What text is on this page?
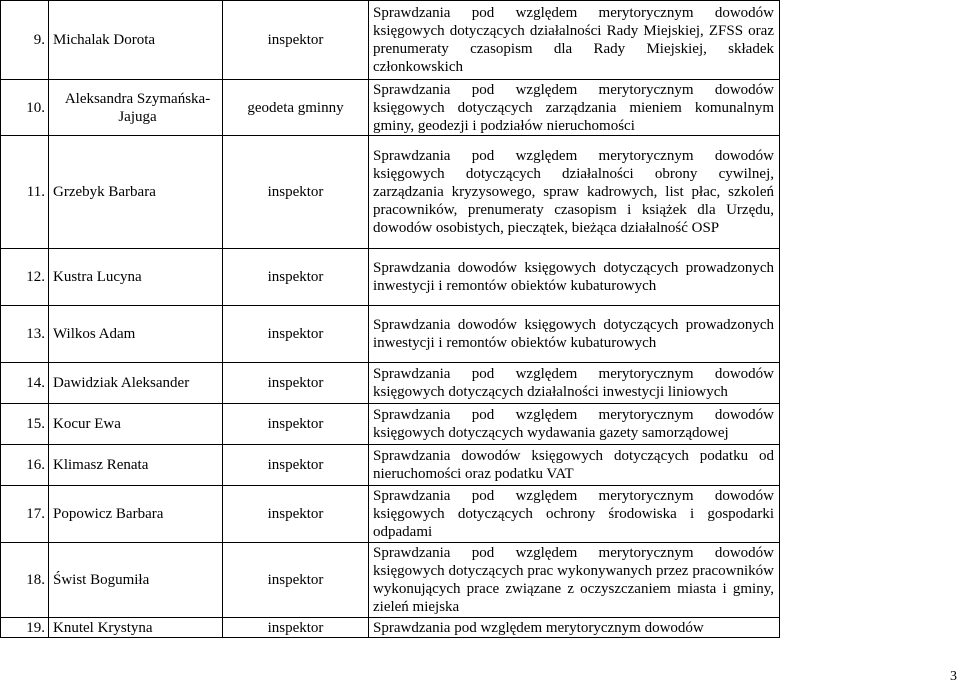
9.	Michalak Dorota	inspektor	Sprawdzania pod względem merytorycznym dowodów księgowych dotyczących działalności Rady Miejskiej, ZFSS oraz prenumeraty czasopism dla Rady Miejskiej, składek członkowskich
10.	Aleksandra Szymańska-Jajuga	geodeta gminny	Sprawdzania pod względem merytorycznym dowodów księgowych dotyczących zarządzania mieniem komunalnym gminy, geodezji i podziałów nieruchomości
11.	Grzebyk Barbara	inspektor	Sprawdzania pod względem merytorycznym dowodów księgowych dotyczących działalności obrony cywilnej, zarządzania kryzysowego, spraw kadrowych, list płac, szkoleń pracowników, prenumeraty czasopism i książek dla Urzędu, dowodów osobistych, pieczątek, bieżąca działalność OSP
12.	Kustra Lucyna	inspektor	Sprawdzania dowodów księgowych dotyczących prowadzonych inwestycji i remontów obiektów kubaturowych
13.	Wilkos Adam	inspektor	Sprawdzania dowodów księgowych dotyczących prowadzonych inwestycji i remontów obiektów kubaturowych
14.	Dawidziak Aleksander	inspektor	Sprawdzania pod względem merytorycznym dowodów księgowych dotyczących działalności inwestycji liniowych
15.	Kocur Ewa	inspektor	Sprawdzania pod względem merytorycznym dowodów księgowych dotyczących wydawania gazety samorządowej
16.	Klimasz Renata	inspektor	Sprawdzania dowodów księgowych dotyczących podatku od nieruchomości oraz podatku VAT
17.	Popowicz Barbara	inspektor	Sprawdzania pod względem merytorycznym dowodów księgowych dotyczących ochrony środowiska i gospodarki odpadami
18.	Świst Bogumiła	inspektor	Sprawdzania pod względem merytorycznym dowodów księgowych dotyczących prac wykonywanych przez pracowników wykonujących prace związane z oczyszczaniem miasta i gminy, zieleń miejska
19.	Knutel Krystyna	inspektor	Sprawdzania pod względem merytorycznym dowodów
3
